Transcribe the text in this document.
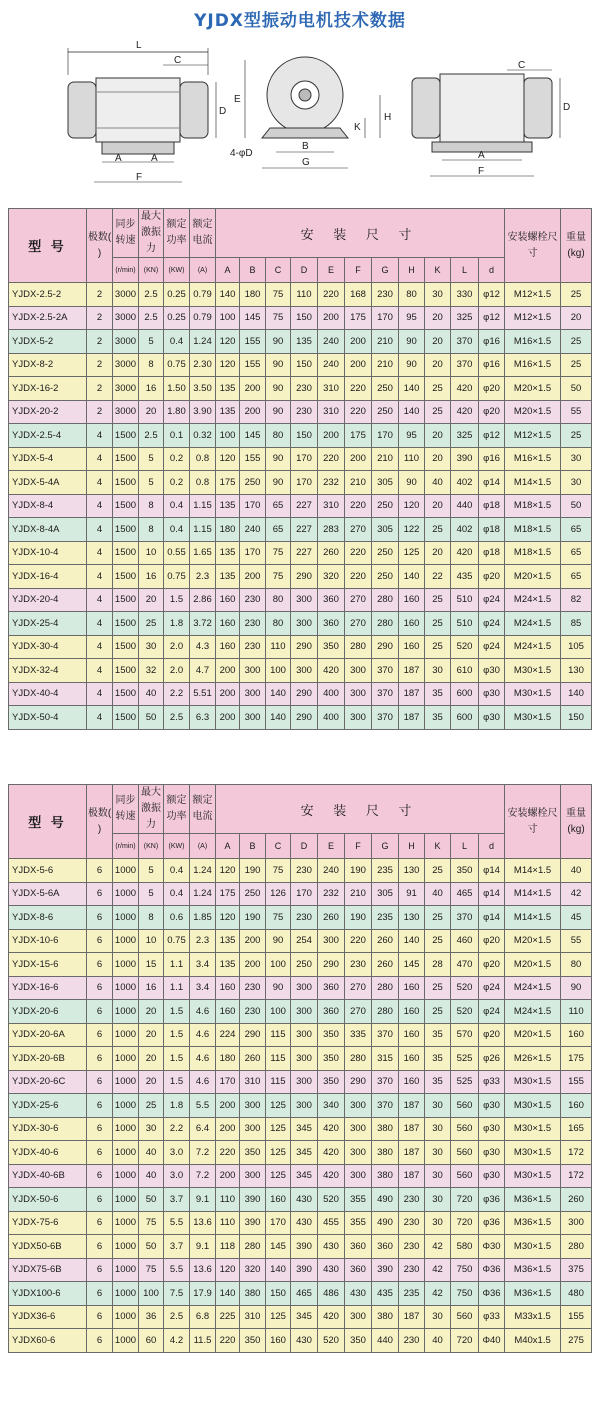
YJDX型振动电机技术数据
L
C
D
A	A
F
E
K
H
B
G
4-φD
C
D
A
F
型 号	极数( )	同步转速	最大激振力	额定功率	额定电流	安 装 尺 寸											安装螺栓尺寸	重量(kg)

		(r/min)	(KN)	(KW)	(A)	A	B	C	D	E	F	G	H	K	L	d		
YJDX-2.5-2	2	3000	2.5	0.25	0.79	140	180	75	110	220	168	230	80	30	330	φ12	M12×1.5	25
YJDX-2.5-2A	2	3000	2.5	0.25	0.79	100	145	75	150	200	175	170	95	20	325	φ12	M12×1.5	20
YJDX-5-2	2	3000	5	0.4	1.24	120	155	90	135	240	200	210	90	20	370	φ16	M16×1.5	25
YJDX-8-2	2	3000	8	0.75	2.30	120	155	90	150	240	200	210	90	20	370	φ16	M16×1.5	25
YJDX-16-2	2	3000	16	1.50	3.50	135	200	90	230	310	220	250	140	25	420	φ20	M20×1.5	50
YJDX-20-2	2	3000	20	1.80	3.90	135	200	90	230	310	220	250	140	25	420	φ20	M20×1.5	55
YJDX-2.5-4	4	1500	2.5	0.1	0.32	100	145	80	150	200	175	170	95	20	325	φ12	M12×1.5	25
YJDX-5-4	4	1500	5	0.2	0.8	120	155	90	170	220	200	210	110	20	390	φ16	M16×1.5	30
YJDX-5-4A	4	1500	5	0.2	0.8	175	250	90	170	232	210	305	90	40	402	φ14	M14×1.5	30
YJDX-8-4	4	1500	8	0.4	1.15	135	170	65	227	310	220	250	120	20	440	φ18	M18×1.5	50
YJDX-8-4A	4	1500	8	0.4	1.15	180	240	65	227	283	270	305	122	25	402	φ18	M18×1.5	65
YJDX-10-4	4	1500	10	0.55	1.65	135	170	75	227	260	220	250	125	20	420	φ18	M18×1.5	65
YJDX-16-4	4	1500	16	0.75	2.3	135	200	75	290	320	220	250	140	22	435	φ20	M20×1.5	65
YJDX-20-4	4	1500	20	1.5	2.86	160	230	80	300	360	270	280	160	25	510	φ24	M24×1.5	82
YJDX-25-4	4	1500	25	1.8	3.72	160	230	80	300	360	270	280	160	25	510	φ24	M24×1.5	85
YJDX-30-4	4	1500	30	2.0	4.3	160	230	110	290	350	280	290	160	25	520	φ24	M24×1.5	105
YJDX-32-4	4	1500	32	2.0	4.7	200	300	100	300	420	300	370	187	30	610	φ30	M30×1.5	130
YJDX-40-4	4	1500	40	2.2	5.51	200	300	140	290	400	300	370	187	35	600	φ30	M30×1.5	140
YJDX-50-4	4	1500	50	2.5	6.3	200	300	140	290	400	300	370	187	35	600	φ30	M30×1.5	150
型 号	极数( )	同步转速	最大激振力	额定功率	额定电流	安 装 尺 寸											安装螺栓尺寸	重量(kg)

		(r/min)	(KN)	(KW)	(A)	A	B	C	D	E	F	G	H	K	L	d		
YJDX-5-6	6	1000	5	0.4	1.24	120	190	75	230	240	190	235	130	25	350	φ14	M14×1.5	40
YJDX-5-6A	6	1000	5	0.4	1.24	175	250	126	170	232	210	305	91	40	465	φ14	M14×1.5	42
YJDX-8-6	6	1000	8	0.6	1.85	120	190	75	230	260	190	235	130	25	370	φ14	M14×1.5	45
YJDX-10-6	6	1000	10	0.75	2.3	135	200	90	254	300	220	260	140	25	460	φ20	M20×1.5	55
YJDX-15-6	6	1000	15	1.1	3.4	135	200	100	250	290	230	260	145	28	470	φ20	M20×1.5	80
YJDX-16-6	6	1000	16	1.1	3.4	160	230	90	300	360	270	280	160	25	520	φ24	M24×1.5	90
YJDX-20-6	6	1000	20	1.5	4.6	160	230	100	300	360	270	280	160	25	520	φ24	M24×1.5	110
YJDX-20-6A	6	1000	20	1.5	4.6	224	290	115	300	350	335	370	160	35	570	φ20	M20×1.5	160
YJDX-20-6B	6	1000	20	1.5	4.6	180	260	115	300	350	280	315	160	35	525	φ26	M26×1.5	175
YJDX-20-6C	6	1000	20	1.5	4.6	170	310	115	300	350	290	370	160	35	525	φ33	M30×1.5	155
YJDX-25-6	6	1000	25	1.8	5.5	200	300	125	300	340	300	370	187	30	560	φ30	M30×1.5	160
YJDX-30-6	6	1000	30	2.2	6.4	200	300	125	345	420	300	380	187	30	560	φ30	M30×1.5	165
YJDX-40-6	6	1000	40	3.0	7.2	220	350	125	345	420	300	380	187	30	560	φ30	M30×1.5	172
YJDX-40-6B	6	1000	40	3.0	7.2	200	300	125	345	420	300	380	187	30	560	φ30	M30×1.5	172
YJDX-50-6	6	1000	50	3.7	9.1	110	390	160	430	520	355	490	230	30	720	φ36	M36×1.5	260
YJDX-75-6	6	1000	75	5.5	13.6	110	390	170	430	455	355	490	230	30	720	φ36	M36×1.5	300
YJDX50-6B	6	1000	50	3.7	9.1	118	280	145	390	430	360	360	230	42	580	Φ30	M30×1.5	280
YJDX75-6B	6	1000	75	5.5	13.6	120	320	140	390	430	360	390	230	42	750	Φ36	M36×1.5	375
YJDX100-6	6	1000	100	7.5	17.9	140	380	150	465	486	430	435	235	42	750	Φ36	M36×1.5	480
YJDX36-6	6	1000	36	2.5	6.8	225	310	125	345	420	300	380	187	30	560	φ33	M33x1.5	155
YJDX60-6	6	1000	60	4.2	11.5	220	350	160	430	520	350	440	230	40	720	Φ40	M40x1.5	275
